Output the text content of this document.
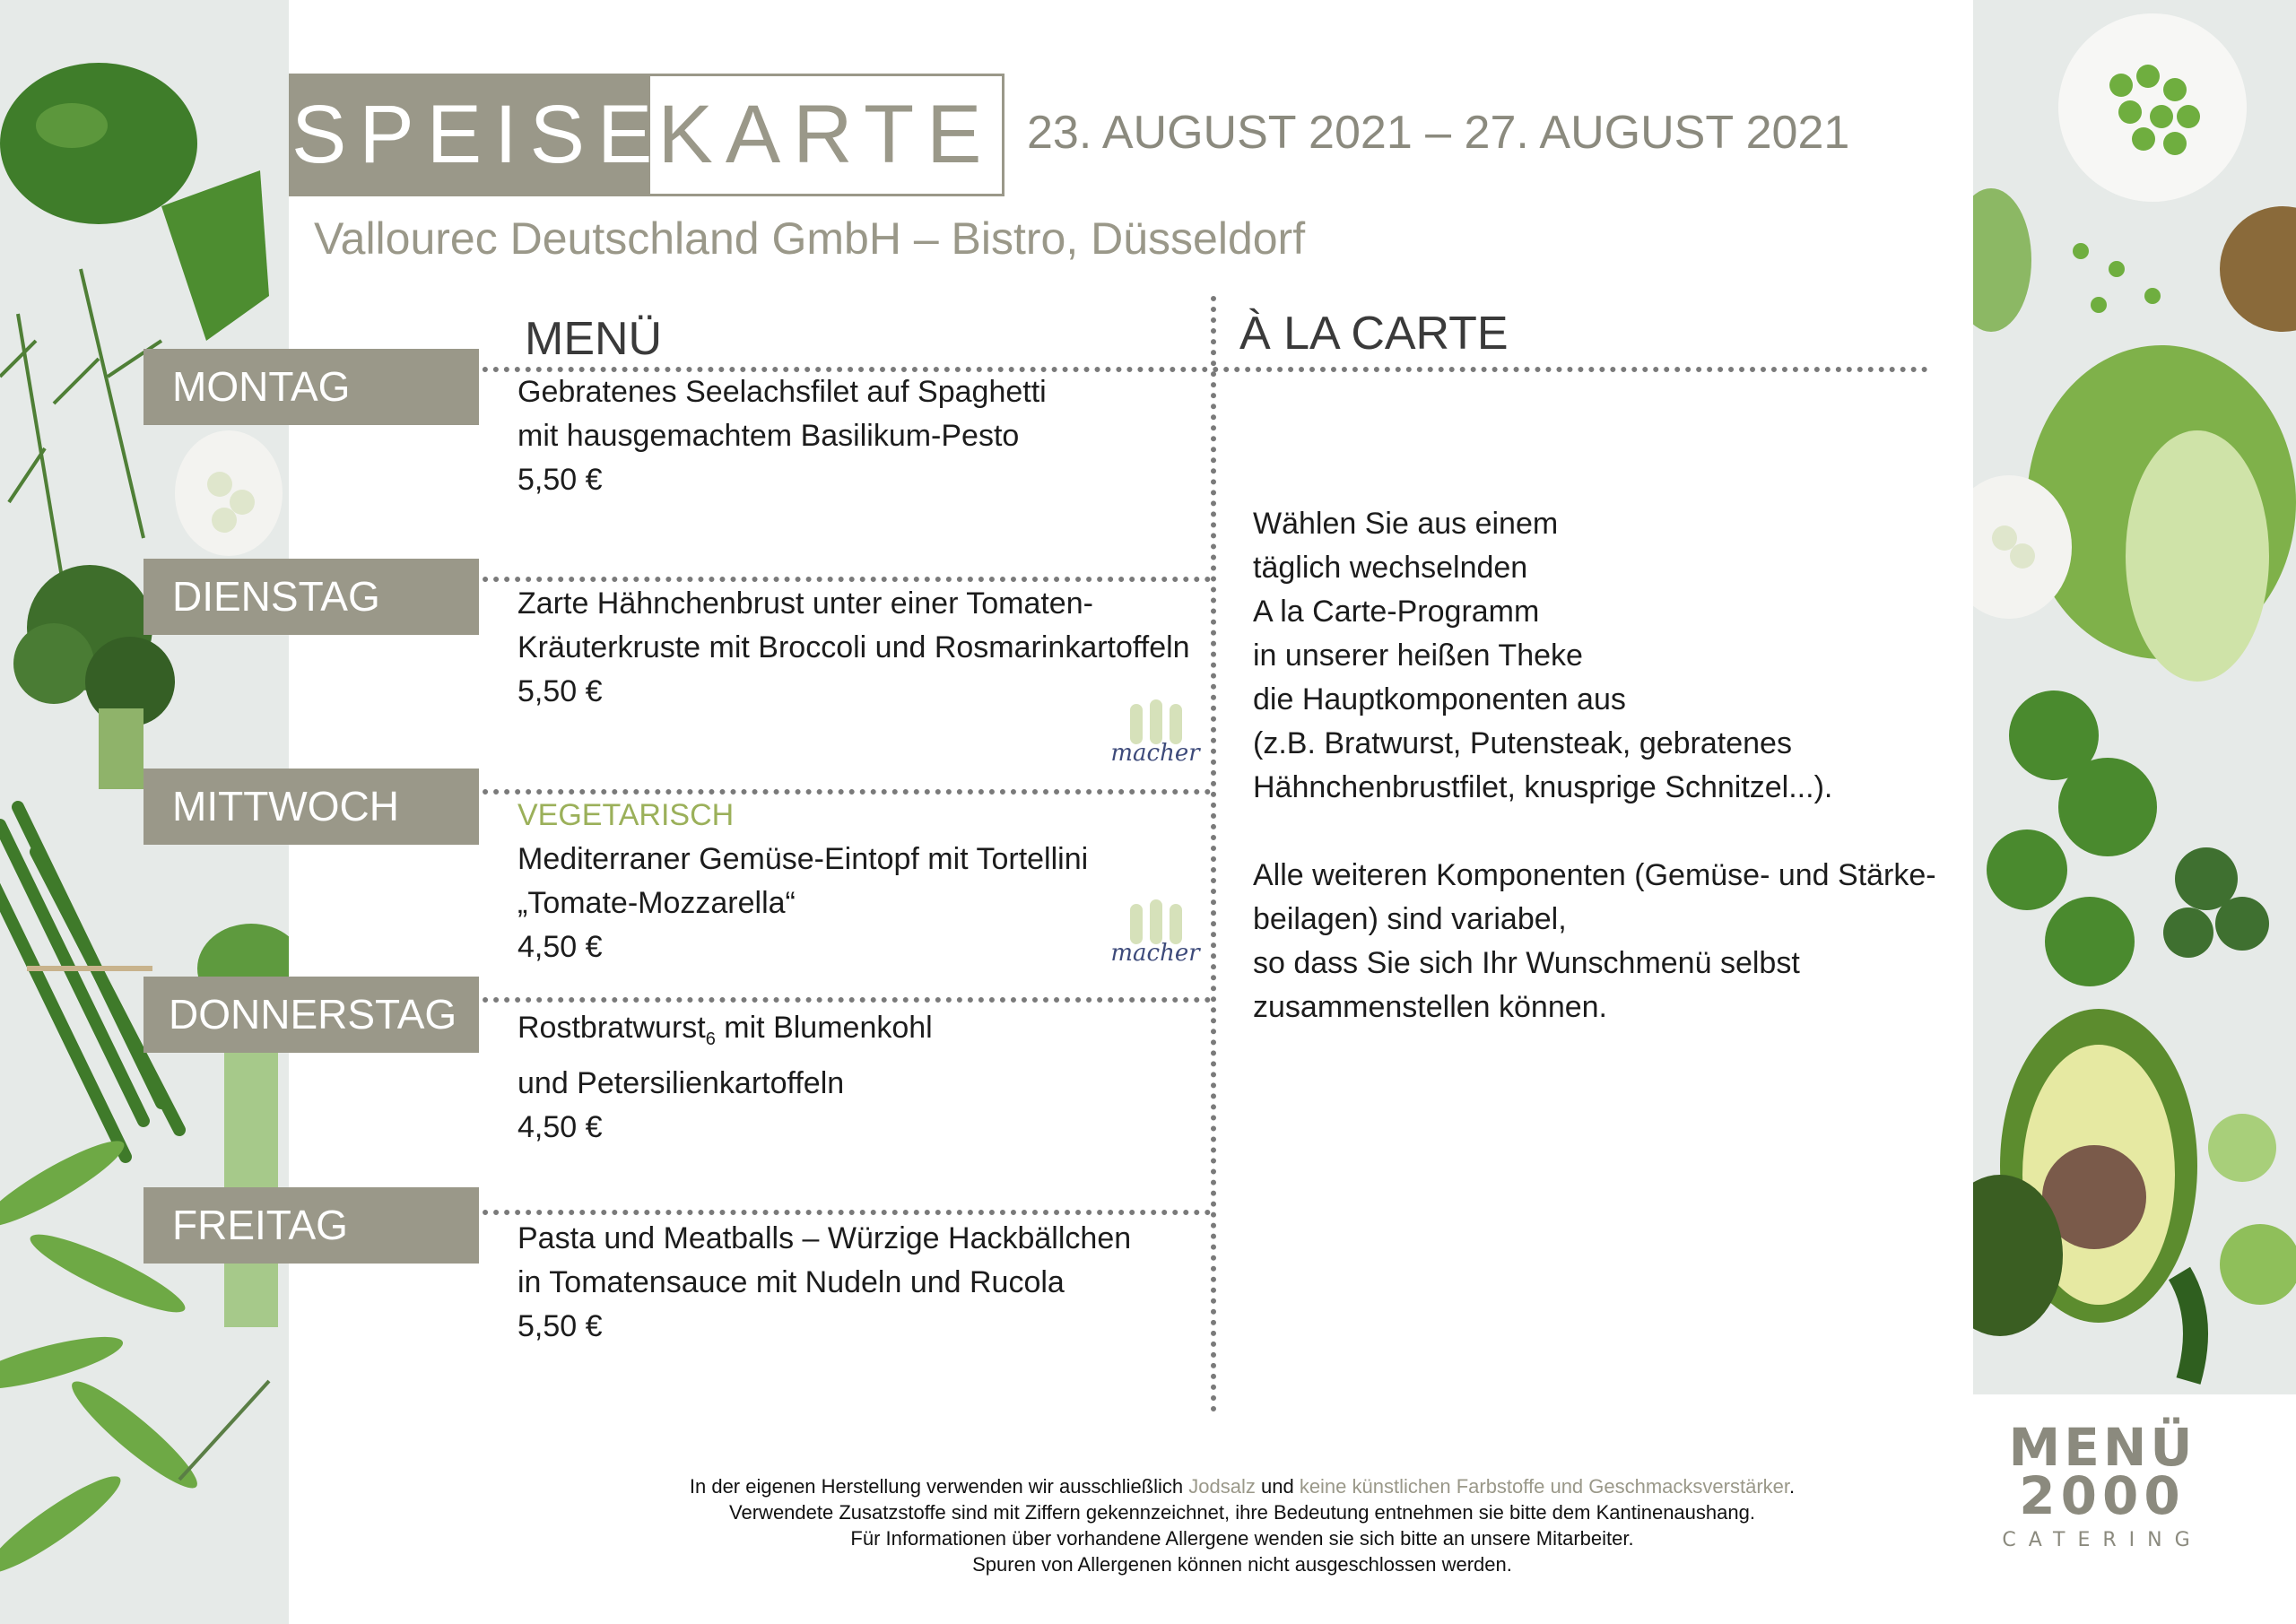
SPEISE
KARTE 23. AUGUST 2021 – 27. AUGUST 2021
Vallourec Deutschland GmbH – Bistro, Düsseldorf
MENÜ	À LA CARTE
MONTAG
DIENSTAG
MITTWOCH
DONNERSTAG
FREITAG
Gebratenes Seelachsfilet auf Spaghetti
mit hausgemachtem Basilikum-Pesto
5,50 €
Zarte Hähnchenbrust unter einer Tomaten-
Kräuterkruste mit Broccoli und Rosmarinkartoffeln
5,50 €
VEGETARISCH
Mediterraner Gemüse-Eintopf mit Tortellini
„Tomate-Mozzarella“
4,50 €
Rostbratwurst$_6$ mit Blumenkohl
und Petersilienkartoffeln
4,50 €
Pasta und Meatballs – Würzige Hackbällchen
in Tomatensauce mit Nudeln und Rucola
5,50 €
macher
macher
Wählen Sie aus einem
täglich wechselnden
A la Carte-Programm
in unserer heißen Theke
die Hauptkomponenten aus
(z.B. Bratwurst, Putensteak, gebratenes
Hähnchenbrustfilet, knusprige Schnitzel...).
Alle weiteren Komponenten (Gemüse- und Stärke-
beilagen) sind variabel,
so dass Sie sich Ihr Wunschmenü selbst
zusammenstellen können.
In der eigenen Herstellung verwenden wir ausschließlich Jodsalz und keine künstlichen Farbstoffe und Geschmacksverstärker.
Verwendete Zusatzstoffe sind mit Ziffern gekennzeichnet, ihre Bedeutung entnehmen sie bitte dem Kantinenaushang.
Für Informationen über vorhandene Allergene wenden sie sich bitte an unsere Mitarbeiter.
Spuren von Allergenen können nicht ausgeschlossen werden.
MENÜ
2000
CATERING
